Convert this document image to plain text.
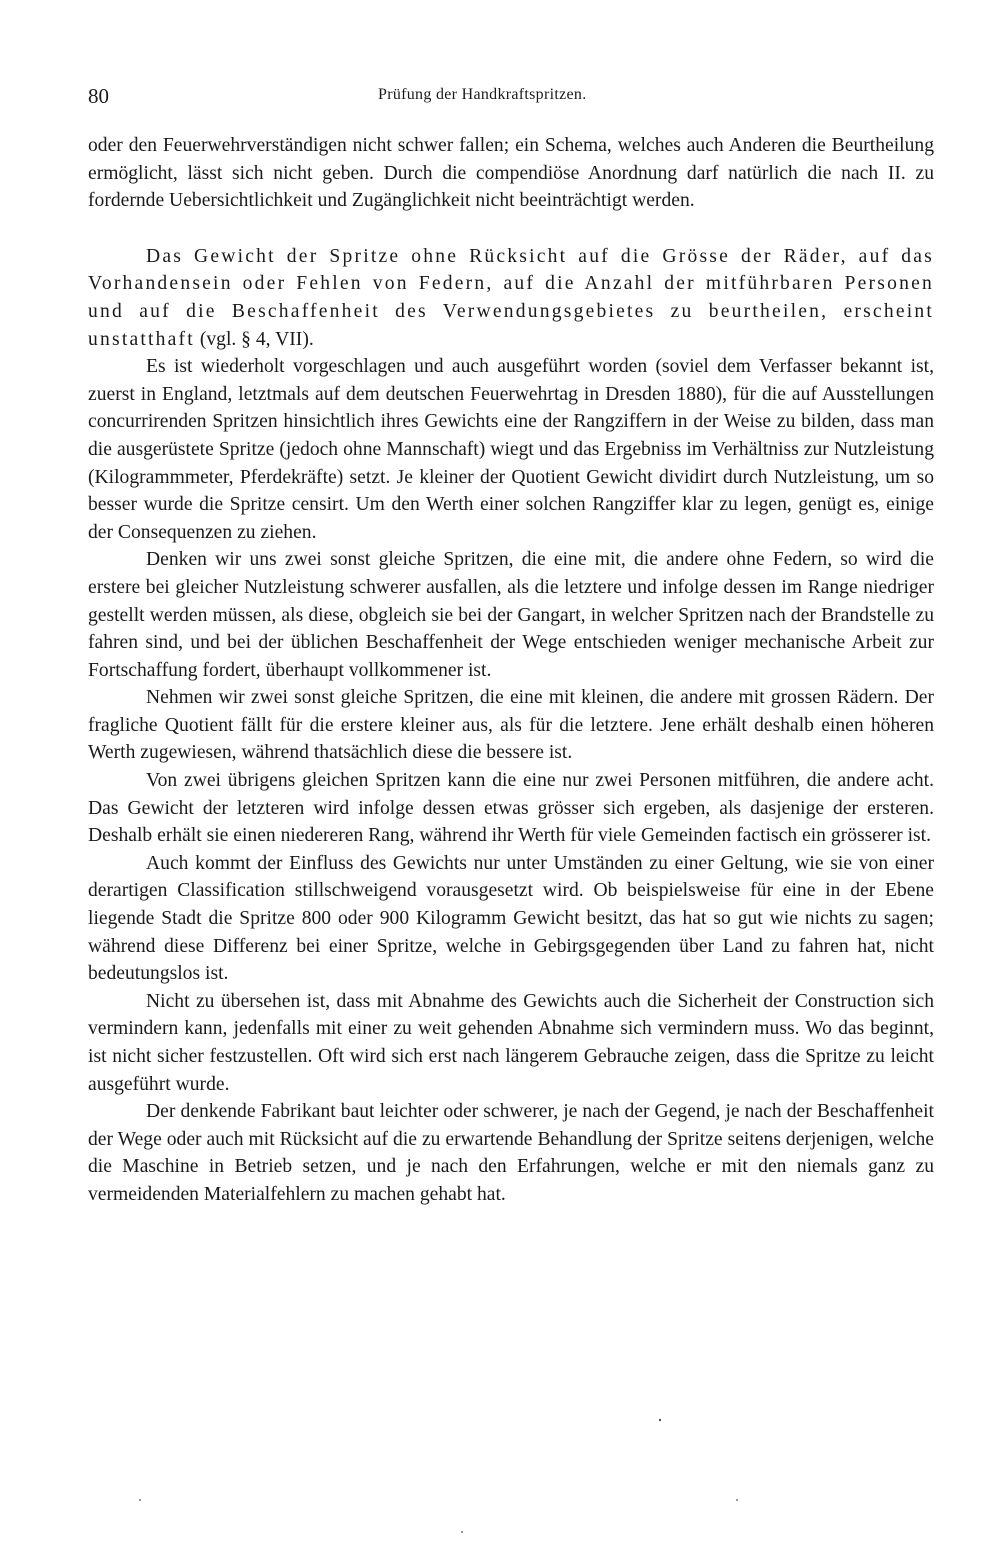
80	Prüfung der Handkraftspritzen.

oder den Feuerwehrverständigen nicht schwer fallen; ein Schema, welches auch Anderen die Beurtheilung ermöglicht, lässt sich nicht geben. Durch die compendiöse Anordnung darf natürlich die nach II. zu fordernde Uebersichtlichkeit und Zugänglichkeit nicht beeinträchtigt werden.

Das Gewicht der Spritze ohne Rücksicht auf die Grösse der Räder, auf das Vorhandensein oder Fehlen von Federn, auf die Anzahl der mitführbaren Personen und auf die Beschaffenheit des Verwendungsgebietes zu beurtheilen, erscheint unstatthaft (vgl. § 4, VII).

Es ist wiederholt vorgeschlagen und auch ausgeführt worden (soviel dem Verfasser bekannt ist, zuerst in England, letztmals auf dem deutschen Feuerwehrtag in Dresden 1880), für die auf Ausstellungen concurrirenden Spritzen hinsichtlich ihres Gewichts eine der Rangziffern in der Weise zu bilden, dass man die ausgerüstete Spritze (jedoch ohne Mannschaft) wiegt und das Ergebniss im Verhältniss zur Nutzleistung (Kilogrammmeter, Pferdekräfte) setzt. Je kleiner der Quotient Gewicht dividirt durch Nutzleistung, um so besser wurde die Spritze censirt. Um den Werth einer solchen Rangziffer klar zu legen, genügt es, einige der Consequenzen zu ziehen.

Denken wir uns zwei sonst gleiche Spritzen, die eine mit, die andere ohne Federn, so wird die erstere bei gleicher Nutzleistung schwerer ausfallen, als die letztere und infolge dessen im Range niedriger gestellt werden müssen, als diese, obgleich sie bei der Gangart, in welcher Spritzen nach der Brandstelle zu fahren sind, und bei der üblichen Beschaffenheit der Wege entschieden weniger mechanische Arbeit zur Fortschaffung fordert, überhaupt vollkommener ist.

Nehmen wir zwei sonst gleiche Spritzen, die eine mit kleinen, die andere mit grossen Rädern. Der fragliche Quotient fällt für die erstere kleiner aus, als für die letztere. Jene erhält deshalb einen höheren Werth zugewiesen, während thatsächlich diese die bessere ist.

Von zwei übrigens gleichen Spritzen kann die eine nur zwei Personen mitführen, die andere acht. Das Gewicht der letzteren wird infolge dessen etwas grösser sich ergeben, als dasjenige der ersteren. Deshalb erhält sie einen niedereren Rang, während ihr Werth für viele Gemeinden factisch ein grösserer ist.

Auch kommt der Einfluss des Gewichts nur unter Umständen zu einer Geltung, wie sie von einer derartigen Classification stillschweigend vorausgesetzt wird. Ob beispielsweise für eine in der Ebene liegende Stadt die Spritze 800 oder 900 Kilogramm Gewicht besitzt, das hat so gut wie nichts zu sagen; während diese Differenz bei einer Spritze, welche in Gebirgsgegenden über Land zu fahren hat, nicht bedeutungslos ist.

Nicht zu übersehen ist, dass mit Abnahme des Gewichts auch die Sicherheit der Construction sich vermindern kann, jedenfalls mit einer zu weit gehenden Abnahme sich vermindern muss. Wo das beginnt, ist nicht sicher festzustellen. Oft wird sich erst nach längerem Gebrauche zeigen, dass die Spritze zu leicht ausgeführt wurde.

Der denkende Fabrikant baut leichter oder schwerer, je nach der Gegend, je nach der Beschaffenheit der Wege oder auch mit Rücksicht auf die zu erwartende Behandlung der Spritze seitens derjenigen, welche die Maschine in Betrieb setzen, und je nach den Erfahrungen, welche er mit den niemals ganz zu vermeidenden Materialfehlern zu machen gehabt hat.
